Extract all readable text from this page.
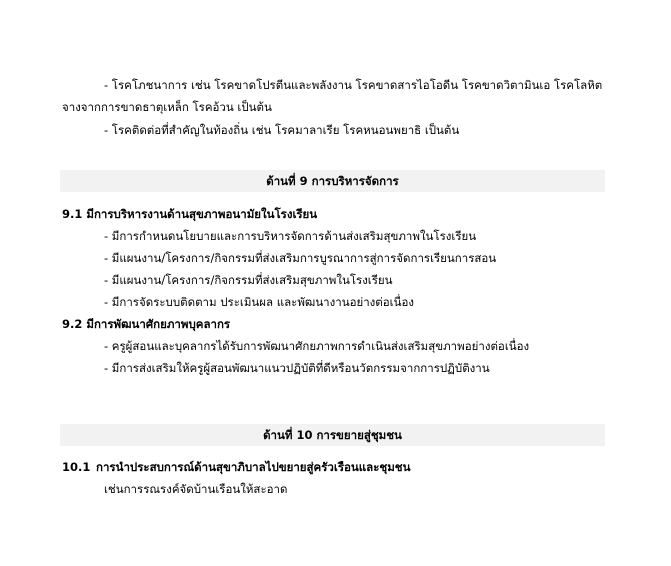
- โรคโภชนาการ เช่น โรคขาดโปรตีนและพลังงาน โรคขาดสารไอโอดีน โรคขาดวิตามินเอ โรคโลหิต
จางจากการขาดธาตุเหล็ก โรคอ้วน เป็นต้น
- โรคติดต่อที่สำคัญในท้องถิ่น เช่น โรคมาลาเรีย โรคหนอนพยาธิ เป็นต้น
ด้านที่ 9 การบริหารจัดการ
9.1 มีการบริหารงานด้านสุขภาพอนามัยในโรงเรียน
- มีการกำหนดนโยบายและการบริหารจัดการด้านส่งเสริมสุขภาพในโรงเรียน
- มีแผนงาน/โครงการ/กิจกรรมที่ส่งเสริมการบูรณาการสู่การจัดการเรียนการสอน
- มีแผนงาน/โครงการ/กิจกรรมที่ส่งเสริมสุขภาพในโรงเรียน
- มีการจัดระบบติดตาม ประเมินผล และพัฒนางานอย่างต่อเนื่อง
9.2 มีการพัฒนาศักยภาพบุคลากร
- ครูผู้สอนและบุคลากรได้รับการพัฒนาศักยภาพการดำเนินส่งเสริมสุขภาพอย่างต่อเนื่อง
- มีการส่งเสริมให้ครูผู้สอนพัฒนาแนวปฏิบัติที่ดีหรือนวัตกรรมจากการปฏิบัติงาน
ด้านที่ 10 การขยายสู่ชุมชน
10.1 การนำประสบการณ์ด้านสุขาภิบาลไปขยายสู่ครัวเรือนและชุมชน
เช่นการรณรงค์จัดบ้านเรือนให้สะอาด
